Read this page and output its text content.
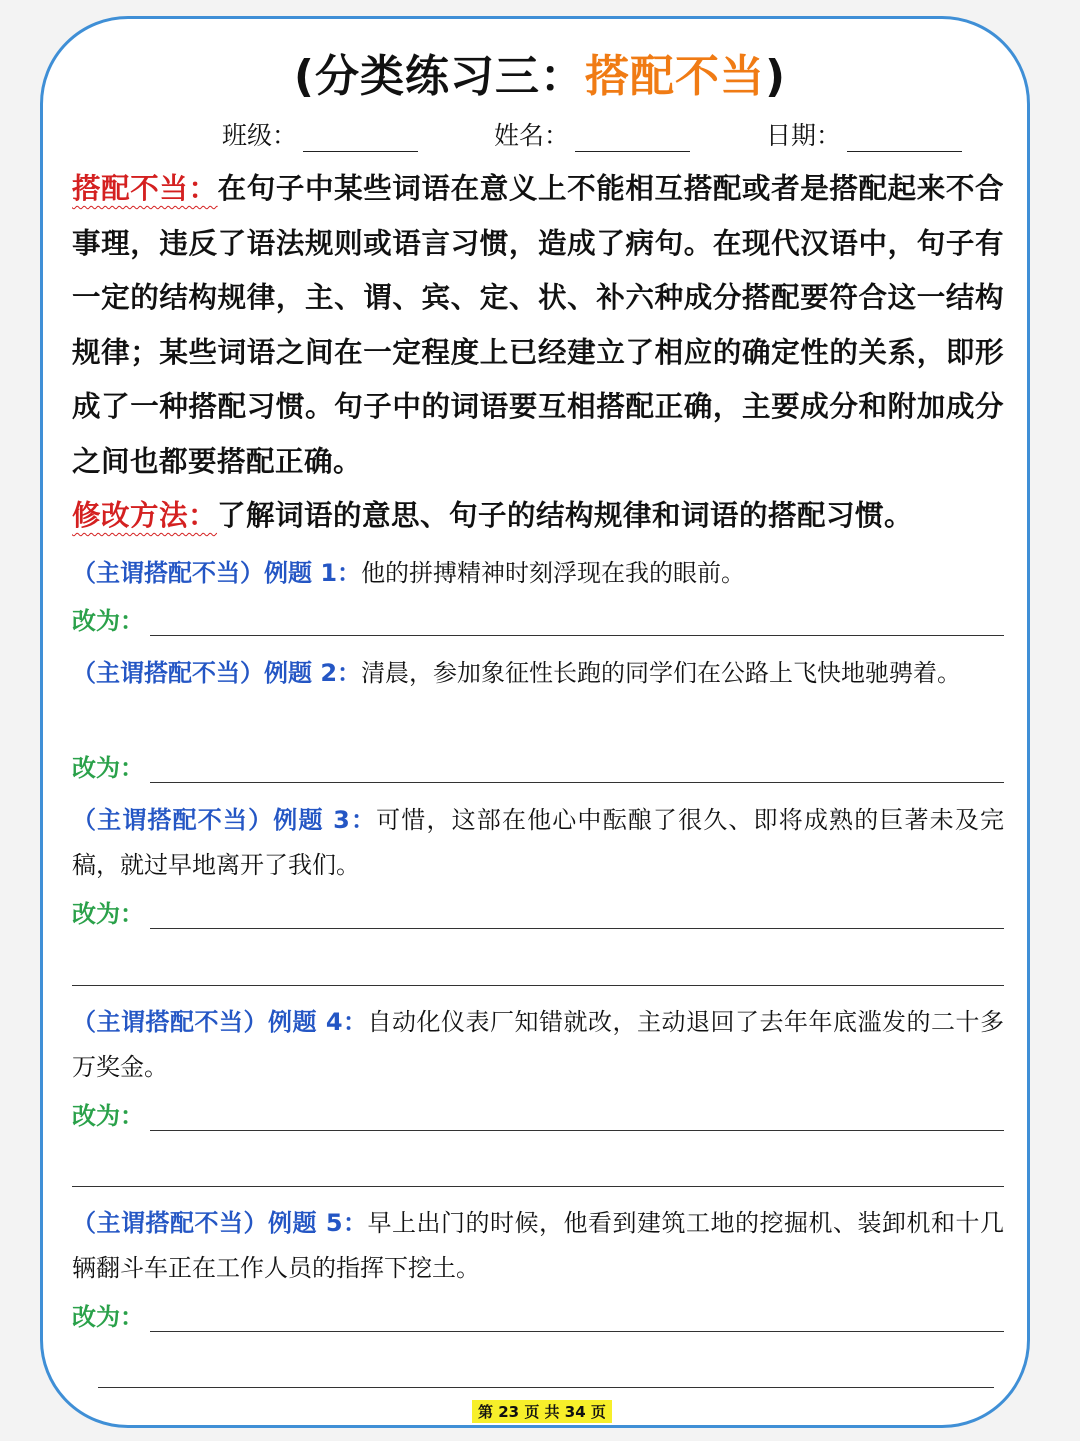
(分类练习三：搭配不当)
班级：	姓名：	日期：
搭配不当：在句子中某些词语在意义上不能相互搭配或者是搭配起来不合事理，违反了语法规则或语言习惯，造成了病句。在现代汉语中，句子有一定的结构规律，主、谓、宾、定、状、补六种成分搭配要符合这一结构规律；某些词语之间在一定程度上已经建立了相应的确定性的关系，即形成了一种搭配习惯。句子中的词语要互相搭配正确，主要成分和附加成分之间也都要搭配正确。
修改方法：了解词语的意思、句子的结构规律和词语的搭配习惯。
（主谓搭配不当）例题 1：他的拼搏精神时刻浮现在我的眼前。
改为：
（主谓搭配不当）例题 2：清晨，参加象征性长跑的同学们在公路上飞快地驰骋着。
改为：
（主谓搭配不当）例题 3：可惜，这部在他心中酝酿了很久、即将成熟的巨著未及完稿，就过早地离开了我们。
改为：
（主谓搭配不当）例题 4：自动化仪表厂知错就改，主动退回了去年年底滥发的二十多万奖金。
改为：
（主谓搭配不当）例题 5：早上出门的时候，他看到建筑工地的挖掘机、装卸机和十几辆翻斗车正在工作人员的指挥下挖土。
改为：
第 23 页 共 34 页
